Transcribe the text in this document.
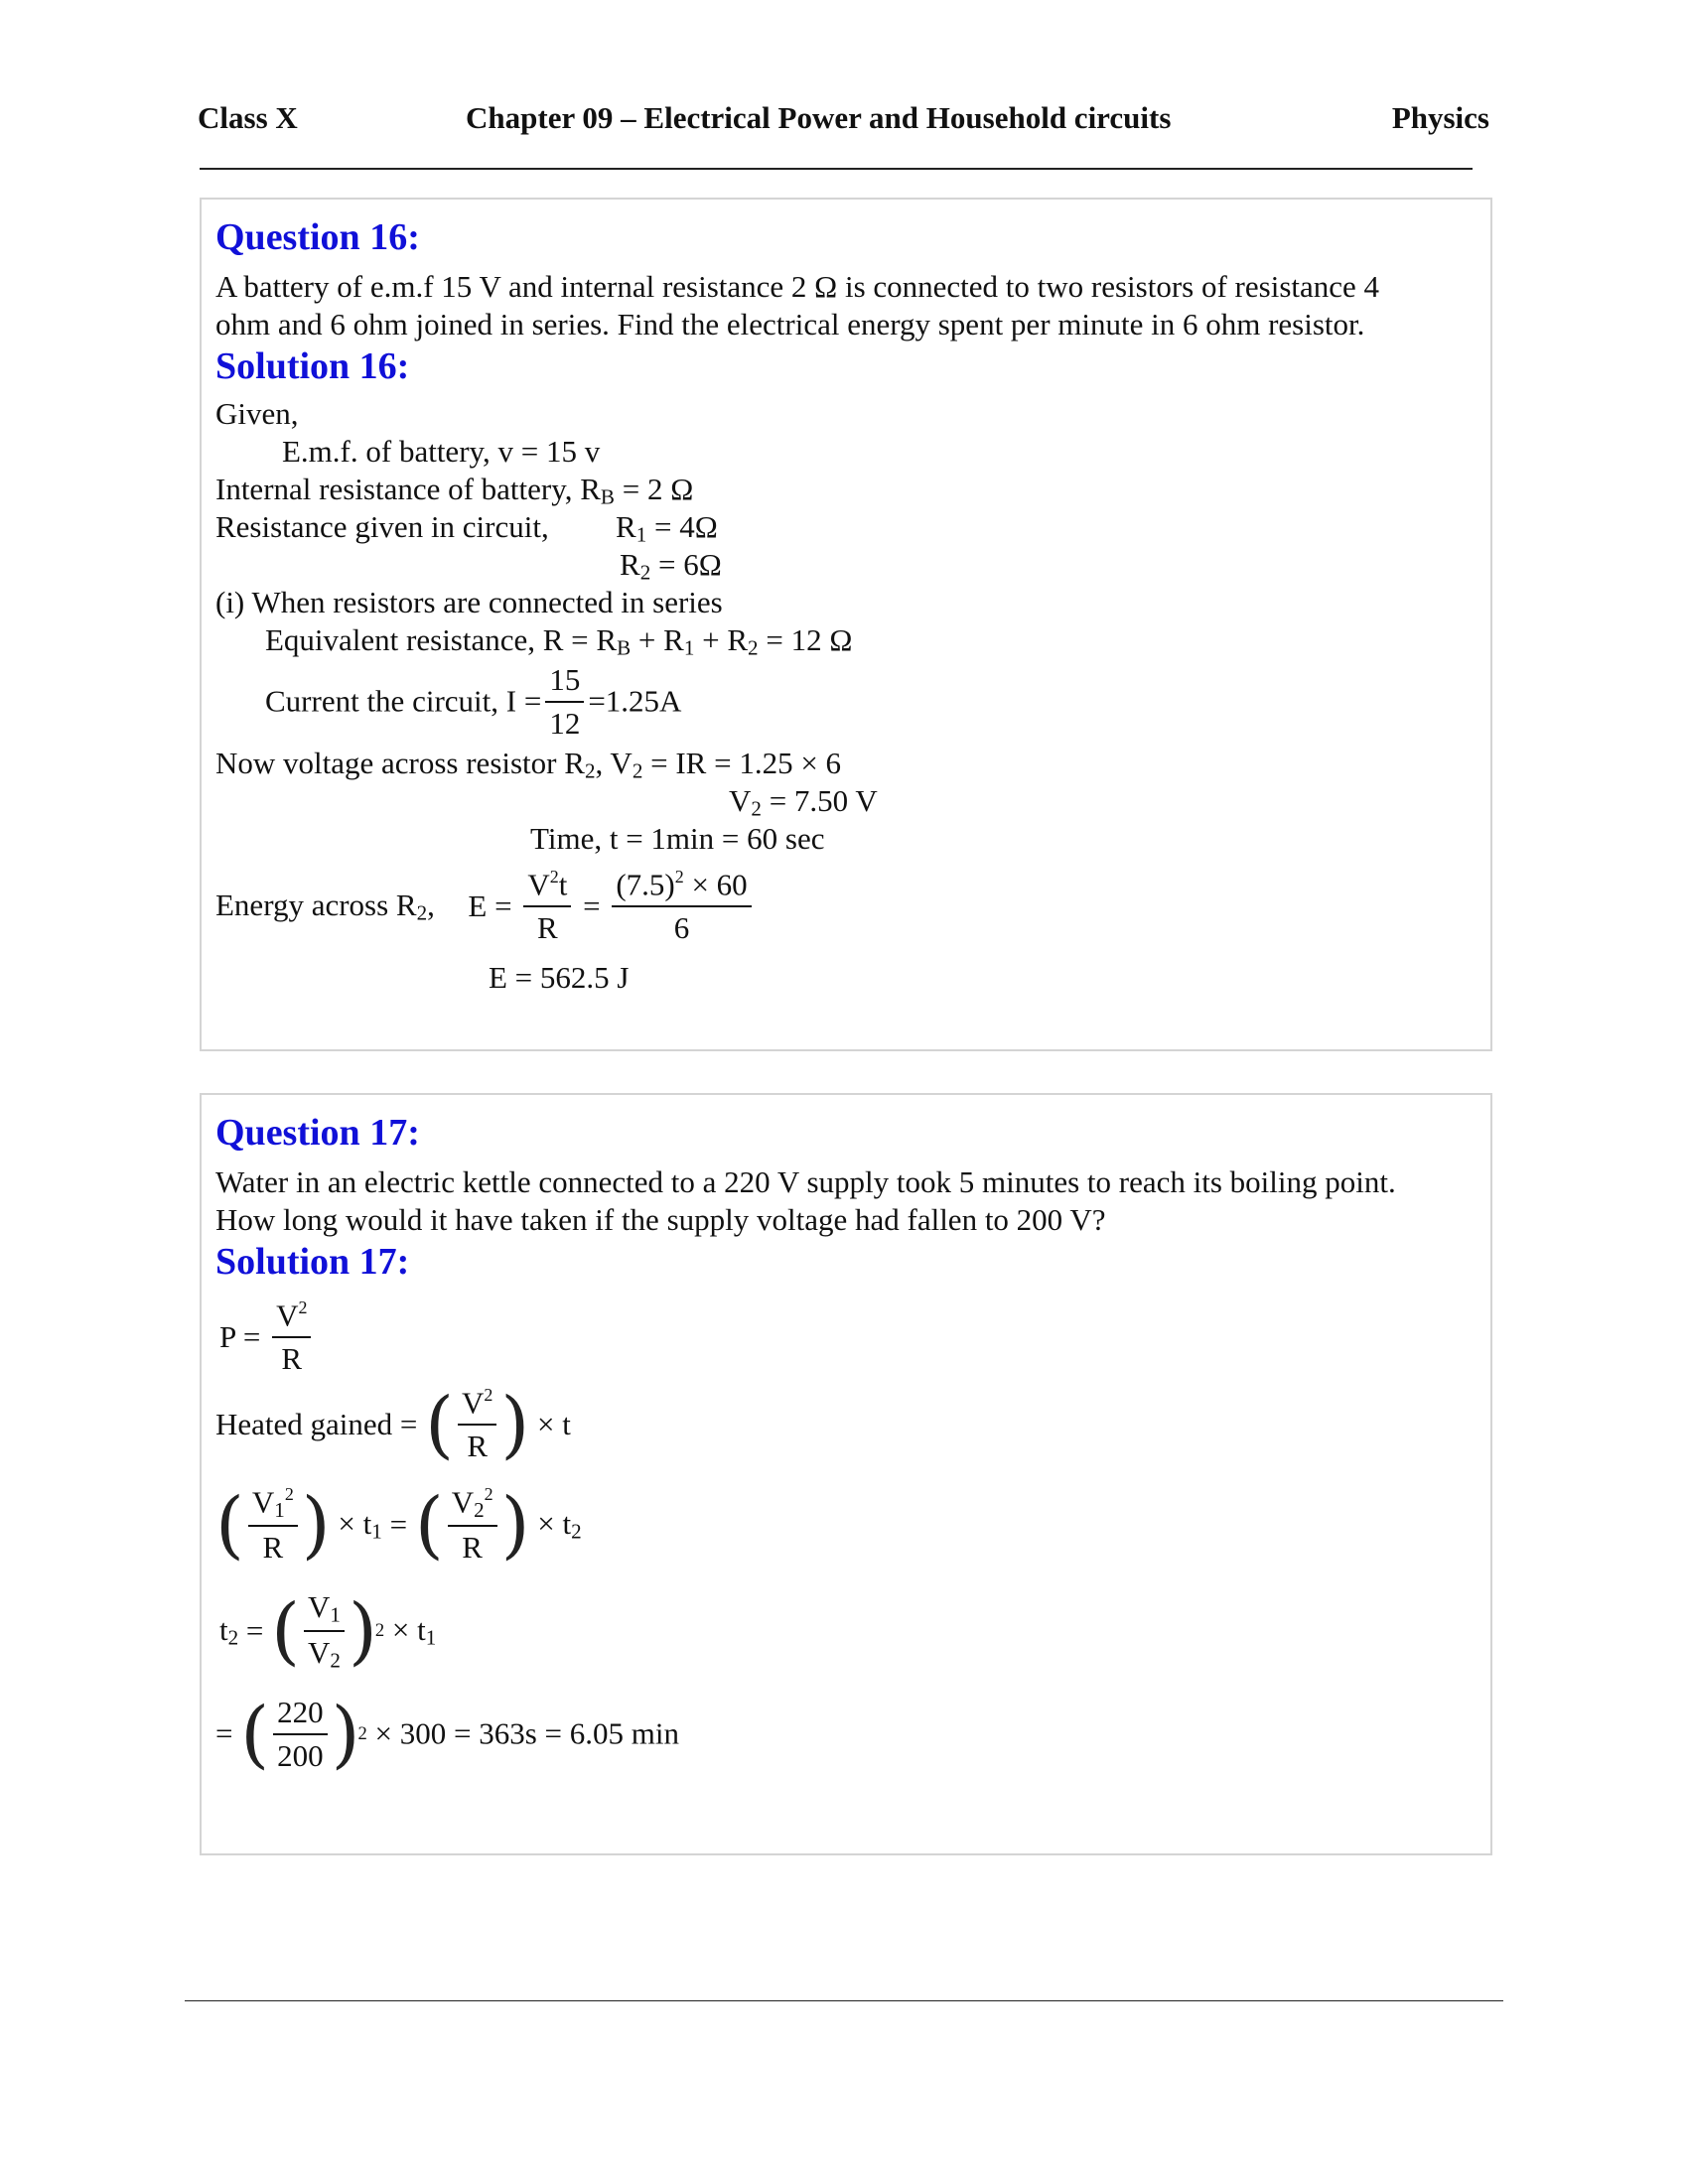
Class X	Chapter 09 – Electrical Power and Household circuits	Physics
Question 16:
A battery of e.m.f 15 V and internal resistance 2 Ω is connected to two resistors of resistance 4
ohm and 6 ohm joined in series. Find the electrical energy spent per minute in 6 ohm resistor.
Solution 16:
Given,
E.m.f. of battery, v = 15 v
Internal resistance of battery, $R_B = 2$ Ω
Resistance given in circuit, $R_1 = 4\Omega$
$R_2 = 6\Omega$
(i) When resistors are connected in series
Equivalent resistance, $R = R_B + R_1 + R_2 = 12$ Ω
Current the circuit, $I = \frac{15}{12} =1.25A$
Now voltage across resistor $R_2$, $V_2$ = IR = 1.25 × 6
$V_2 = 7.50$ V
Time, t = 1min = 60 sec
Energy across $R_2$, $E = \frac{V^2t}{R} = \frac{(7.5)^2 \times 60}{6}$
E = 562.5 J
Question 17:
Water in an electric kettle connected to a 220 V supply took 5 minutes to reach its boiling point.
How long would it have taken if the supply voltage had fallen to 200 V?
Solution 17:
$P = \frac{V^2}{R}$
Heated gained = ( $\frac{V^2}{R}$ ) × t
( $\frac{V_1^2}{R}$ ) × $t_1$ = ( $\frac{V_2^2}{R}$ ) × $t_2$
$t_2$ = ( $\frac{V_1}{V_2}$ )
$2 \times t_1$
= ( $\frac{220}{200}$ )
2 × 300 = 363s = 6.05 min
